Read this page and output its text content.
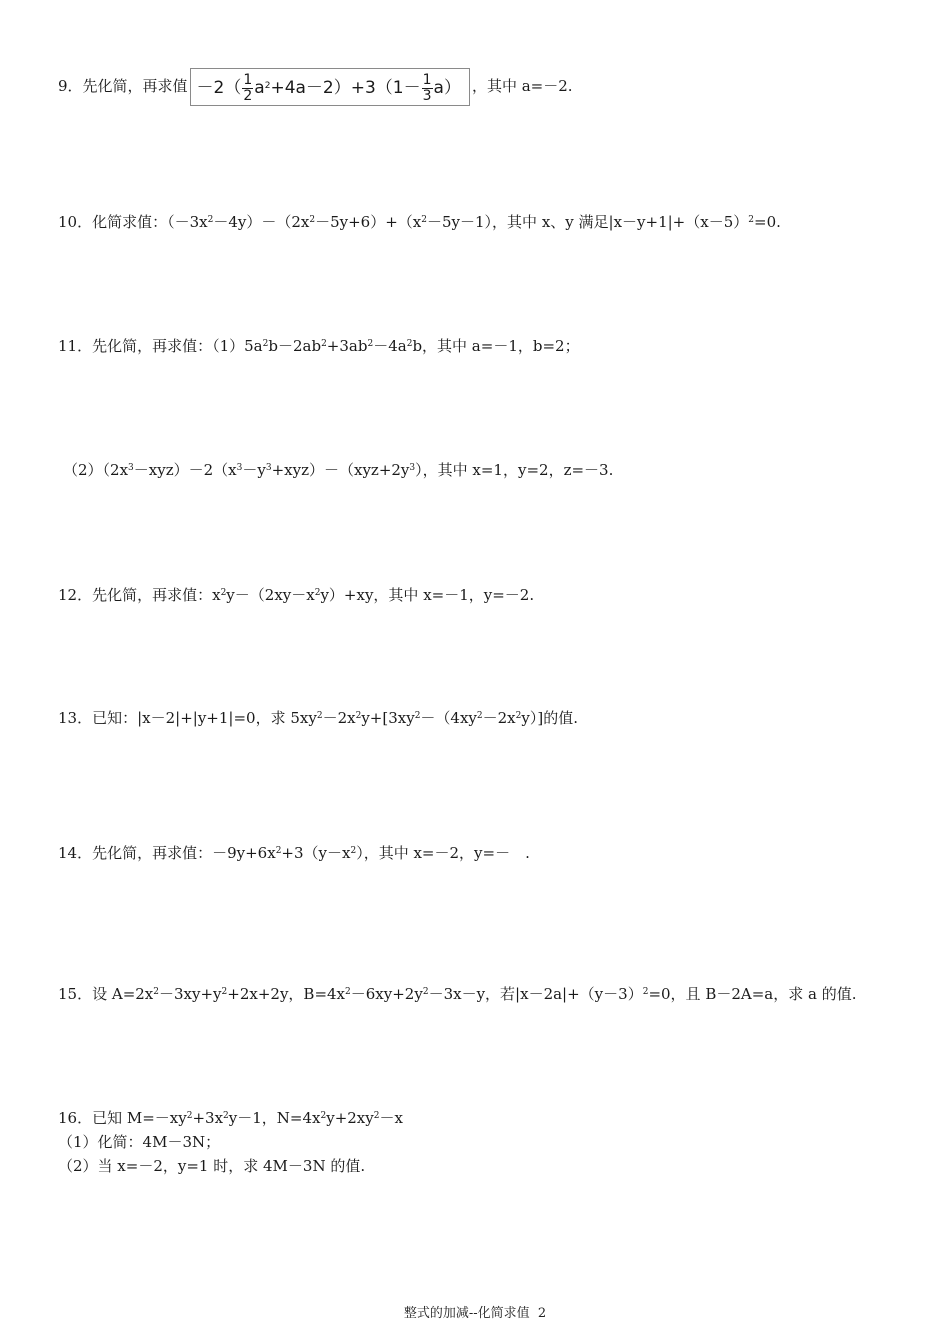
9．先化简，再求值 $-2( \frac{1}{2} a^2+4a-2)+3(1- \frac{1}{3} a)$ ，其中 a=－2.
10．化简求值：$(-3x^2-4y)-(2x^2-5y+6)+(x^2-5y-1)$，其中 x、y 满足$|x-y+1|+(x-5)^2=0$.
11．先化简，再求值：$(1)5a^2b-2ab^2+3ab^2-4a^2b$，其中 a=－1，b=2；
$(2)(2x^3-xyz)-2(x^3-y^3+xyz)-(xyz+2y^3)$，其中 x=1，y=2，z=－3.
12．先化简，再求值：$x^2y-(2xy-x^2y)+xy$，其中 x=－1，y=－2.
13．已知：|x－2|+|y+1|=0，求 $5xy^2-2x^2y+[3xy^2-(4xy^2-2x^2y)]$的值.
14．先化简，再求值：$-9y+6x^2+3(y-x^2)$，其中 x=－2，y=－　.
15．设 $A=2x^2-3xy+y^2+2x+2y$，$B=4x^2-6xy+2y^2-3x-y$，若$|x-2a|+(y-3)^2=0$，且 B－2A=a，求 a 的值.
16．已知 $M=-xy^2+3x^2y-1$，$N=4x^2y+2xy^2-x$
（1）化简：4M－3N；
（2）当 x=－2，y=1 时，求 4M－3N 的值.
整式的加减--化简求值 2
